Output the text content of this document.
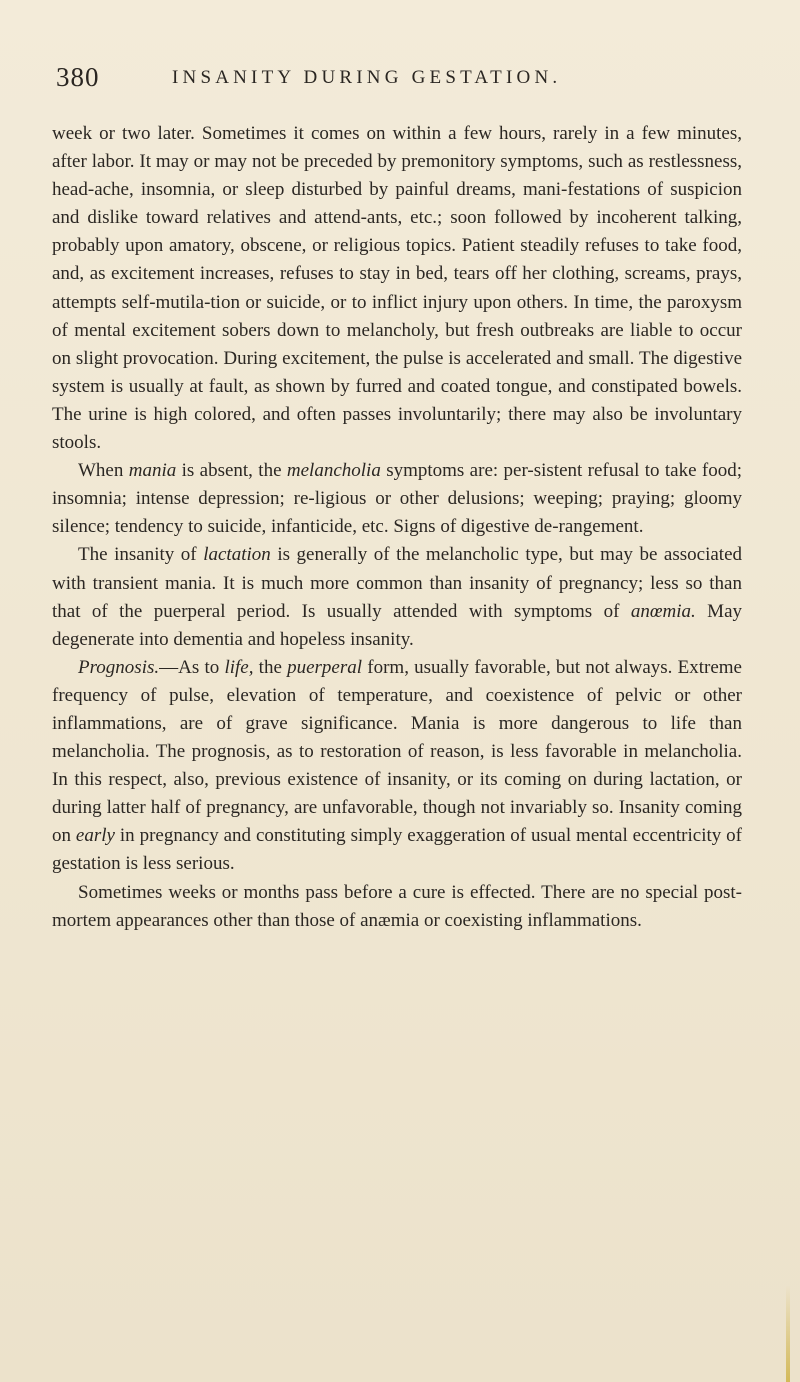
380	INSANITY DURING GESTATION.

week or two later. Sometimes it comes on within a few hours, rarely in a few minutes, after labor. It may or may not be preceded by premonitory symptoms, such as restlessness, head-ache, insomnia, or sleep disturbed by painful dreams, mani-festations of suspicion and dislike toward relatives and attend-ants, etc.; soon followed by incoherent talking, probably upon amatory, obscene, or religious topics. Patient steadily refuses to take food, and, as excitement increases, refuses to stay in bed, tears off her clothing, screams, prays, attempts self-mutila-tion or suicide, or to inflict injury upon others. In time, the paroxysm of mental excitement sobers down to melancholy, but fresh outbreaks are liable to occur on slight provocation. During excitement, the pulse is accelerated and small. The digestive system is usually at fault, as shown by furred and coated tongue, and constipated bowels. The urine is high colored, and often passes involuntarily; there may also be involuntary stools.

When mania is absent, the melancholia symptoms are: per-sistent refusal to take food; insomnia; intense depression; re-ligious or other delusions; weeping; praying; gloomy silence; tendency to suicide, infanticide, etc. Signs of digestive de-rangement.

The insanity of lactation is generally of the melancholic type, but may be associated with transient mania. It is much more common than insanity of pregnancy; less so than that of the puerperal period. Is usually attended with symptoms of anœmia. May degenerate into dementia and hopeless insanity.

Prognosis.—As to life, the puerperal form, usually favorable, but not always. Extreme frequency of pulse, elevation of temperature, and coexistence of pelvic or other inflammations, are of grave significance. Mania is more dangerous to life than melancholia. The prognosis, as to restoration of reason, is less favorable in melancholia. In this respect, also, previous existence of insanity, or its coming on during lactation, or during latter half of pregnancy, are unfavorable, though not invariably so. Insanity coming on early in pregnancy and constituting simply exaggeration of usual mental eccentricity of gestation is less serious.

Sometimes weeks or months pass before a cure is effected. There are no special post-mortem appearances other than those of anæmia or coexisting inflammations.
